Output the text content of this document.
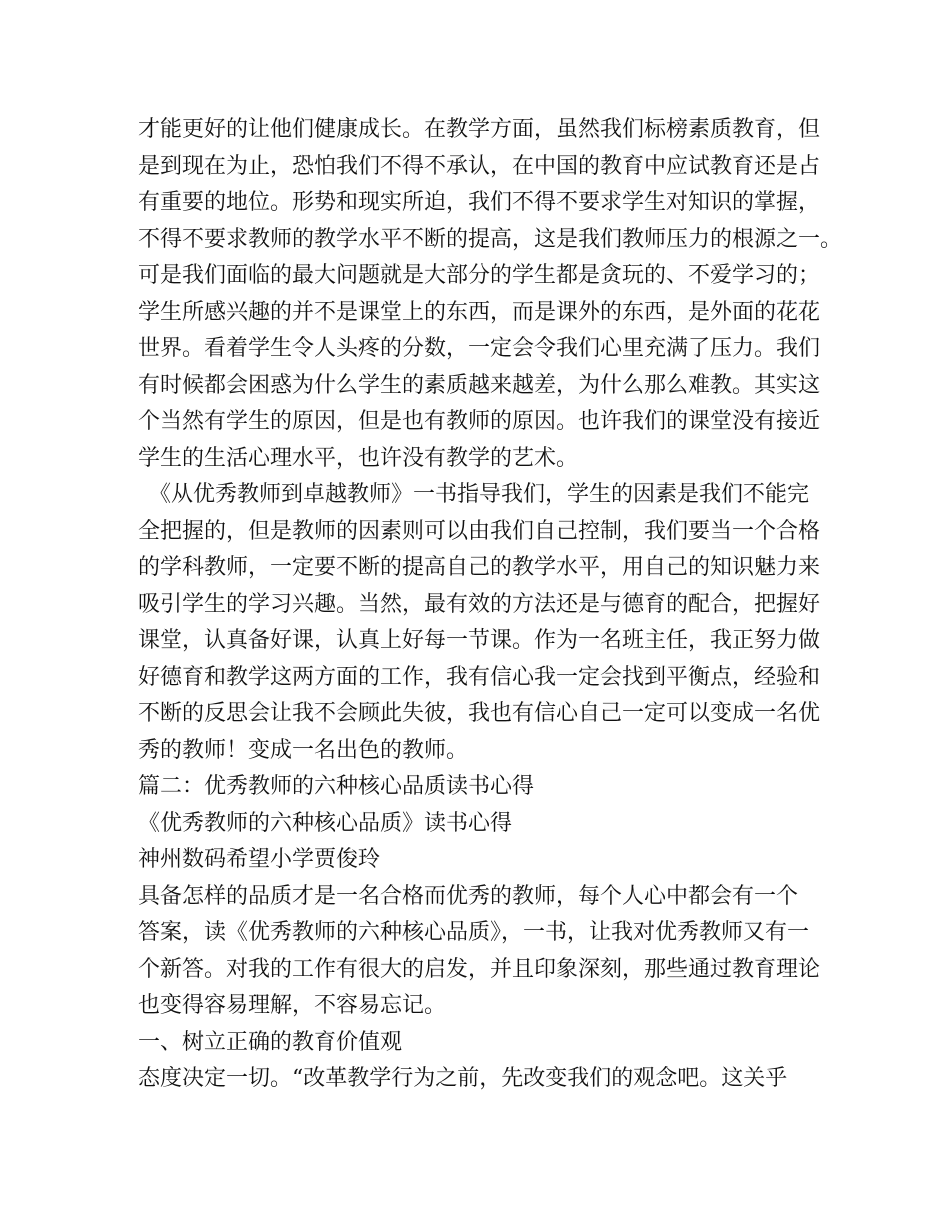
才能更好的让他们健康成长。在教学方面，虽然我们标榜素质教育，但
是到现在为止，恐怕我们不得不承认，在中国的教育中应试教育还是占
有重要的地位。形势和现实所迫，我们不得不要求学生对知识的掌握，
不得不要求教师的教学水平不断的提高，这是我们教师压力的根源之一。
可是我们面临的最大问题就是大部分的学生都是贪玩的、不爱学习的；
学生所感兴趣的并不是课堂上的东西，而是课外的东西，是外面的花花
世界。看着学生令人头疼的分数，一定会令我们心里充满了压力。我们
有时候都会困惑为什么学生的素质越来越差，为什么那么难教。其实这
个当然有学生的原因，但是也有教师的原因。也许我们的课堂没有接近
学生的生活心理水平，也许没有教学的艺术。
　《从优秀教师到卓越教师》一书指导我们，学生的因素是我们不能完
全把握的，但是教师的因素则可以由我们自己控制，我们要当一个合格
的学科教师，一定要不断的提高自己的教学水平，用自己的知识魅力来
吸引学生的学习兴趣。当然，最有效的方法还是与德育的配合，把握好
课堂，认真备好课，认真上好每一节课。作为一名班主任，我正努力做
好德育和教学这两方面的工作，我有信心我一定会找到平衡点，经验和
不断的反思会让我不会顾此失彼，我也有信心自己一定可以变成一名优
秀的教师！变成一名出色的教师。
篇二：优秀教师的六种核心品质读书心得
《优秀教师的六种核心品质》读书心得
神州数码希望小学贾俊玲
具备怎样的品质才是一名合格而优秀的教师，每个人心中都会有一个
答案，读《优秀教师的六种核心品质》，一书，让我对优秀教师又有一
个新答。对我的工作有很大的启发，并且印象深刻，那些通过教育理论
也变得容易理解，不容易忘记。
一、树立正确的教育价值观
态度决定一切。“改革教学行为之前，先改变我们的观念吧。这关乎
